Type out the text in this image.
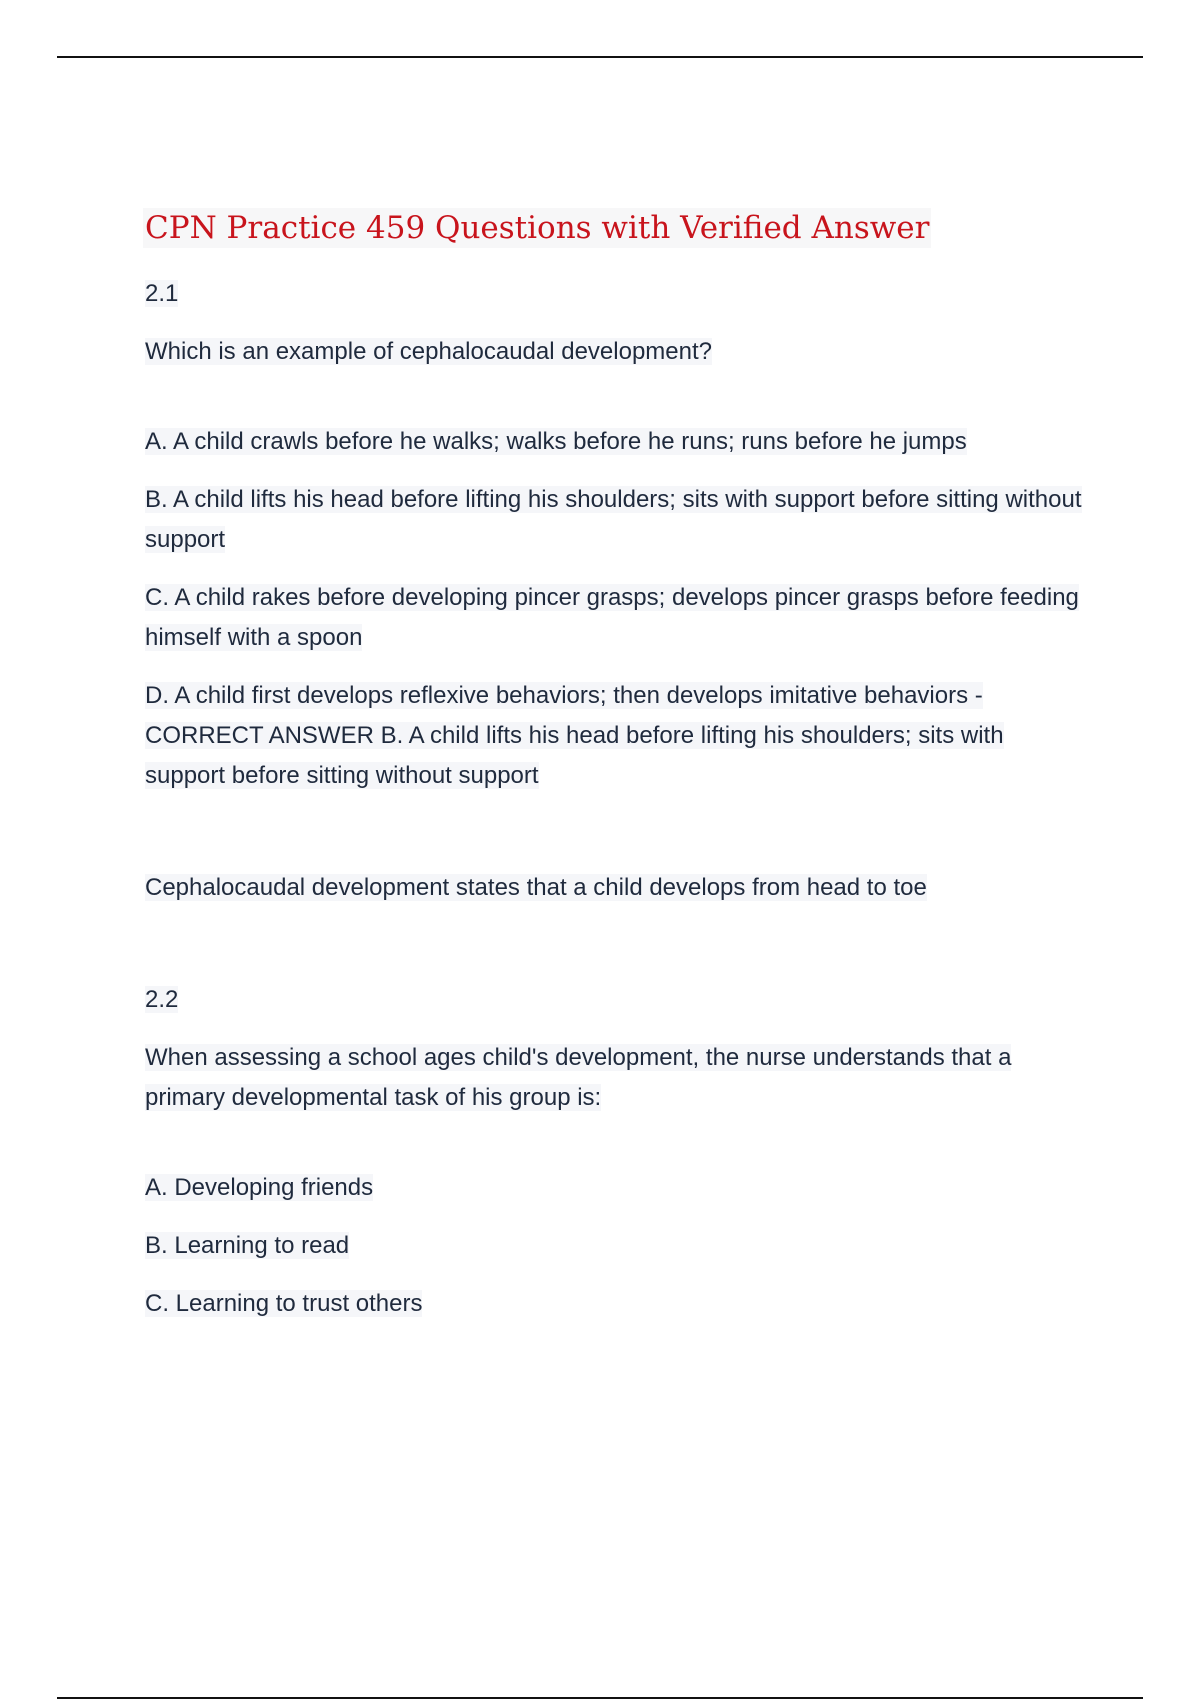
CPN Practice 459 Questions with Verified Answer
2.1
Which is an example of cephalocaudal development?
A. A child crawls before he walks; walks before he runs; runs before he jumps
B. A child lifts his head before lifting his shoulders; sits with support before sitting without support
C. A child rakes before developing pincer grasps; develops pincer grasps before feeding himself with a spoon
D. A child first develops reflexive behaviors; then develops imitative behaviors - CORRECT ANSWER B. A child lifts his head before lifting his shoulders; sits with support before sitting without support
Cephalocaudal development states that a child develops from head to toe
2.2
When assessing a school ages child's development, the nurse understands that a primary developmental task of his group is:
A. Developing friends
B. Learning to read
C. Learning to trust others
